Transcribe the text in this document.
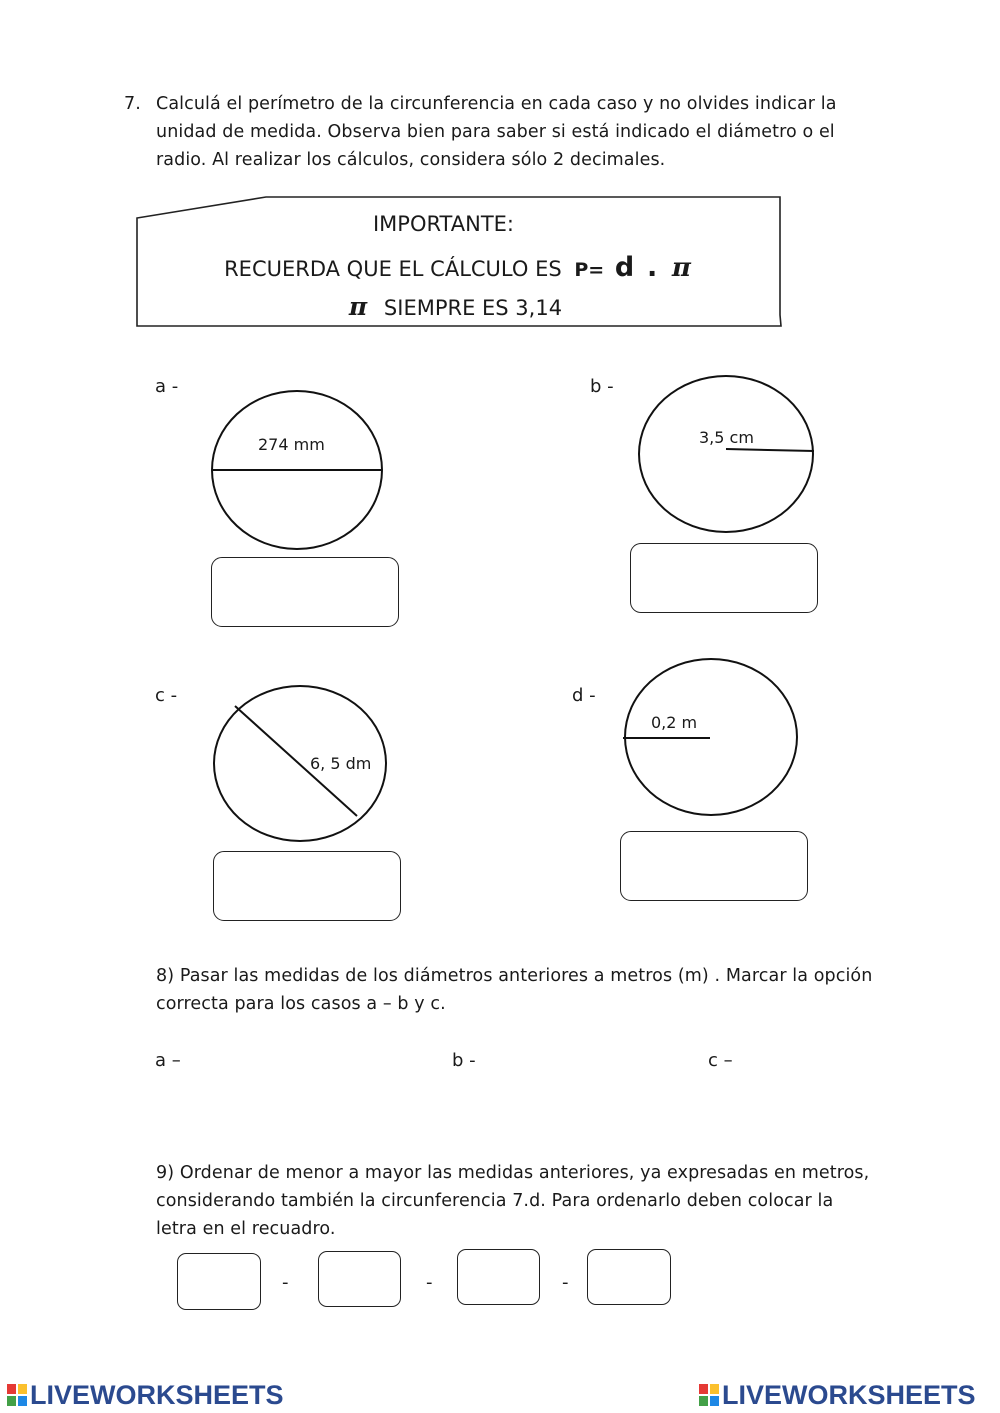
7. Calculá el perímetro de la circunferencia en cada caso y no olvides indicar la
unidad de medida. Observa bien para saber si está indicado el diámetro o el
radio. Al realizar los cálculos, considera sólo 2 decimales.
IMPORTANTE:
RECUERDA QUE EL CÁLCULO ES P= d . π
π SIEMPRE ES 3,14
a -
274 mm
b -
3,5 cm
c -
6, 5 dm
d -
0,2 m
8) Pasar las medidas de los diámetros anteriores a metros (m) . Marcar la opción
correcta para los casos a – b y c.
a –	b -	c –
9) Ordenar de menor a mayor las medidas anteriores, ya expresadas en metros,
considerando también la circunferencia 7.d. Para ordenarlo deben colocar la
letra en el recuadro.
-	-	-
LIVEWORKSHEETS	LIVEWORKSHEETS
